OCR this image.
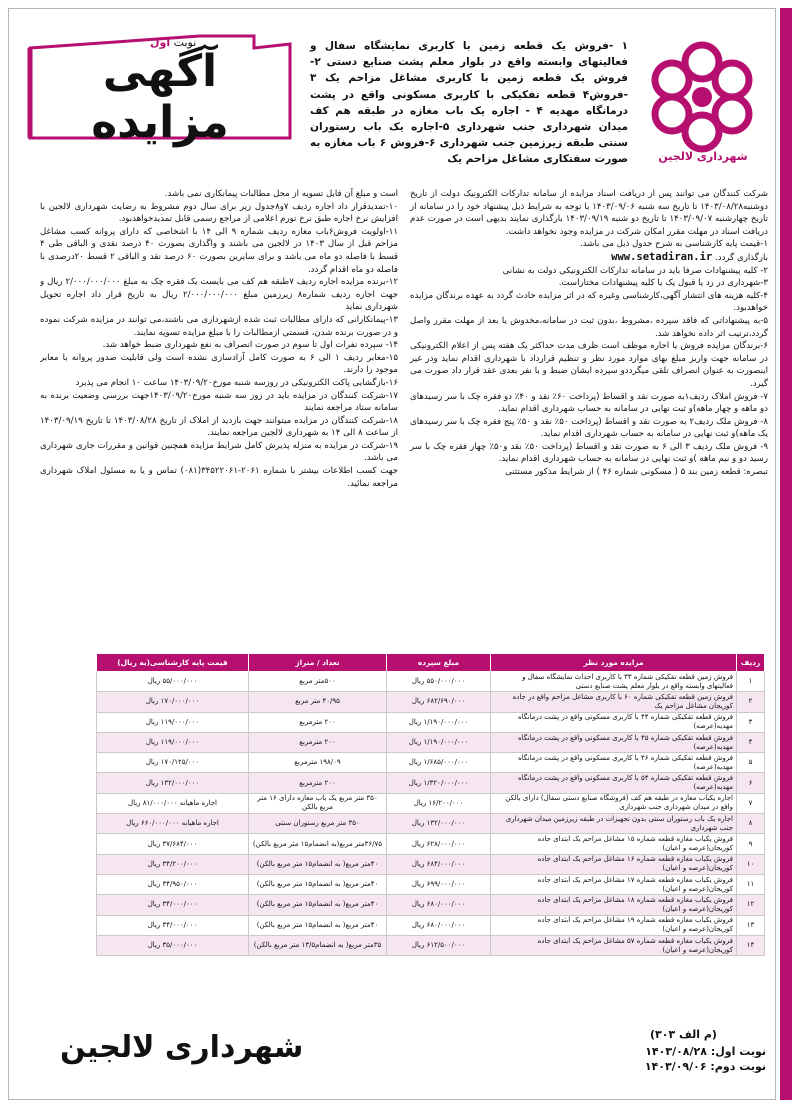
شهرداری لالجین
۱ -فروش یک قطعه زمین با کاربری نمایشگاه سفال و فعالیتهای وابسته واقع در بلوار معلم پشت صنایع دستی ۲- فروش یک قطعه زمین با کاربری مشاغل مزاحم یک ۳ -فروش۴ قطعه تفکیکی با کاربری مسکونی واقع در پشت درمانگاه مهدیه ۴ - اجاره یک باب مغازه در طبقه هم کف میدان شهرداری جنب شهرداری ۵-اجاره یک باب رستوران سنتی طبقه زیرزمین جنب شهرداری ۶-فروش ۶ باب مغازه به صورت سفتکاری مشاغل مزاحم یک
نوبت اول
آگهی مزایده

شرکت کنندگان می توانند پس از دریافت اسناد مزایده از سامانه تدارکات الکترونیک دولت از تاریخ دوشنبه۱۴۰۳/۰۸/۲۸ تا تاریخ سه شنبه ۱۴۰۳/۰۹/۰۶ با توجه به شرایط ذیل پیشنهاد خود را در سامانه از تاریخ چهارشنبه ۱۴۰۳/۰۹/۰۷ تا تاریخ دو شنبه ۱۴۰۳/۰۹/۱۹ بارگذاری نمایند بدیهی است در صورت عدم دریافت اسناد در مهلت مقرر امکان شرکت در مزایده وجود نخواهد داشت.

۱-قیمت پایه کارشناسی به شرح جدول ذیل می باشد.

بارگذاری گردد. www.setadiran.ir

۲- کلیه پیشنهادات صرفا باید در سامانه تدارکات الکترونیکی دولت به نشانی

۳-شهرداری در رد یا قبول یک یا کلیه پیشنهادات مختاراست.

۴-کلیه هزینه های انتشار آگهی،کارشناسی وغیره که در اثر مزایده حادث گردد به عهده برندگان مزایده خواهدبود.

۵-به پیشنهاداتی که فاقد سپرده ،مشروط ،بدون ثبت در سامانه،مخدوش یا بعد از مهلت مقرر واصل گردد،ترتیب اثر داده نخواهد شد.

۶-برندگان مزایده فروش یا اجاره موظف است ظرف مدت حداکثر یک هفته پس از اعلام الکترونیکی در سامانه جهت واریز مبلغ بهای موارد مورد نظر و تنظیم قرارداد با شهرداری اقدام نماید ودر غیر اینصورت به عنوان انصراف تلقی میگرددو سپرده ایشان ضبط و با نفر بعدی عقد قرار داد صورت می گیرد.

۷- فروش املاک ردیف۱به صورت نقد و اقساط (پرداخت ۶۰٪ نقد و ۴۰٪ دو فقره چک با سر رسیدهای دو ماهه و چهار ماهه)و ثبت نهایی در سامانه به حساب شهرداری اقدام نماید.

۸- فروش ملک ردیف۲ به صورت نقد و اقساط (پرداخت ۵۰٪ نقد و ۵۰٪ پنج فقره چک با سر رسیدهای یک ماهه)و ثبت نهایی در سامانه به حساب شهرداری اقدام نماید.

۹- فروش ملک ردیف ۳ الی ۶ به صورت نقد و اقساط (پرداخت ۵۰٪ نقد و۵۰٪ چهار فقره چک با سر رسید دو و نیم ماهه )و ثبت نهایی در سامانه به حساب شهرداری اقدام نماید.

تبصره: قطعه زمین بند ۵ ( مسکونی شماره ۴۶ ) از شرایط مذکور مستثنی

است و مبلغ آن قابل تسویه از محل مطالبات پیمانکاری نمی باشد.

۱۰-تمدیدقرار داد اجاره ردیف ۷و۸جدول زیر برای سال دوم مشروط به رضایت شهرداری لالجین با افزایش نرخ اجاره طبق نرخ تورم اعلامی از مراجع رسمی قابل تمدیدخواهدبود.

۱۱-اولویت فروش۶باب مغازه ردیف شماره ۹ الی ۱۴ با اشخاصی که دارای پروانه کسب مشاغل مزاحم قبل از سال ۱۴۰۳ در لالجین می باشند و واگذاری بصورت ۴۰ درصد نقدی و الباقی طی ۴ قسط با فاصله دو ماه می باشد و برای سایرین بصورت ۶۰ درصد نقد و الباقی ۲ قسط ۲۰درصدی با فاصله دو ماه اقدام گردد.

۱۲-برنده مزایده اجاره ردیف ۷طبقه هم کف می بایست یک فقره چک به مبلغ ۲/۰۰۰/۰۰۰/۰۰۰ ریال و جهت اجاره ردیف شماره۸ زیرزمین مبلغ ۲/۰۰۰/۰۰۰/۰۰۰ ریال به تاریخ قرار داد اجاره تحویل شهرداری نماید

۱۳-پیمانکارانی که دارای مطالبات ثبت شده ازشهرداری می باشند،می توانند در مزایده شرکت نموده و در صورت برنده شدن، قسمتی ازمطالبات را با مبلغ مزایده تسویه نمایند.

۱۴- سپرده نفرات اول تا سوم در صورت انصراف به نفع شهرداری ضبط خواهد شد.

۱۵-معابر ردیف ۱ الی ۶ به صورت کامل آزادسازی نشده است ولی قابلیت صدور پروانه با معابر موجود را دارند.

۱۶-بازگشایی پاکت الکترونیکی در روزسه شنبه مورخ۱۴۰۳/۰۹/۲۰ ساعت ۱۰ انجام می پذیرد

۱۷-شرکت کنندگان در مزایده باید در روز سه شنبه مورخ۱۴۰۳/۰۹/۲۰جهت بررسی وضعیت برنده به سامانه ستاد مراجعه نمایند

۱۸-شرکت کنندگان در مزایده میتوانند جهت بازدید از املاک از تاریخ ۱۴۰۳/۰۸/۲۸ تا تاریخ ۱۴۰۳/۰۹/۱۹ از ساعت ۸ الی ۱۴ به شهرداری لالجین مراجعه نمایند.

۱۹-شرکت در مزایده به منزله پذیرش کامل شرایط مزایده همچنین قوانین و مقررات جاری شهرداری می باشد.

جهت کسب اطلاعات بیشتر با شماره ۲۰۶۱-۳۴۵۲۲۰۶۱(۰۸۱) تماس و یا به مسئول املاک شهرداری مراجعه نمائید.

ردیف	مزایده مورد نظر	مبلغ سپرده	تعداد / متراژ	قیمت پایه کارشناسی(به ریال)
۱	فروش زمین قطعه تفکیکی شماره ۳۳ با کاربری احداث نمایشگاه سفال و فعالیتهای وابسته واقع در بلوار معلم پشت صنایع دستی	۵۵۰/۰۰۰/۰۰۰ ریال	۵۰۰متر مربع	۵۵/۰۰۰/۰۰۰ ریال
۲	فروش زمین قطعه تفکیکی شماره ۶۰ با کاربری مشاغل مزاحم واقع در جاده کوریجان مشاغل مزاحم یک	۶۸۲/۶۹۰/۰۰۰ ریال	۴۰/۹۵ متر مربع	۱۷۰/۰۰۰/۰۰۰ ریال
۳	فروش قطعه تفکیکی شماره ۴۴ با کاربری مسکونی واقع در پشت درمانگاه مهدیه(عرصه)	۱/۱۹۰/۰۰۰/۰۰۰ ریال	۲۰۰ مترمربع	۱۱۹/۰۰۰/۰۰۰ ریال
۴	فروش قطعه تفکیکی شماره ۴۵ با کاربری مسکونی واقع در پشت درمانگاه مهدیه(عرصه)	۱/۱۹۰/۰۰۰/۰۰۰ ریال	۲۰۰ مترمربع	۱۱۹/۰۰۰/۰۰۰ ریال
۵	فروش قطعه تفکیکی شماره ۴۶ با کاربری مسکونی واقع در پشت درمانگاه مهدیه(عرصه)	۱/۶۸۵/۰۰۰/۰۰۰ ریال	۱۹۸/۰۹ مترمربع	۱۷۰/۱۲۵/۰۰۰ ریال
۶	فروش قطعه تفکیکی شماره ۵۴ با کاربری مسکونی واقع در پشت درمانگاه مهدیه(عرصه)	۱/۳۲۰/۰۰۰/۰۰۰ ریال	۲۰۰ مترمربع	۱۳۲/۰۰۰/۰۰۰ ریال
۷	اجاره یکباب مغازه در طبقه هم کف (فروشگاه صنایع دستی سفال) دارای بالکن واقع در میدان شهرداری جنب شهرداری	۱۶/۲۰۰/۰۰۰ ریال	۳۵۰ متر مربع یک باب مغازه دارای ۱۶ متر مربع بالکن	اجاره ماهیانه ۸۱/۰۰۰/۰۰۰ ریال
۸	اجاره یک باب رستوران سنتی بدون تجهیزات در طبقه زیرزمین میدان شهرداری جنب شهرداری	۱۳۲/۰۰۰/۰۰۰ ریال	۳۵۰ متر مربع رستوران سنتی	اجاره ماهیانه ۶۶۰/۰۰۰/۰۰۰ ریال
۹	فروش یکباب مغازه قطعه شماره ۱۵ مشاغل مزاحم یک ابتدای جاده کوریجان(عرصه و اعیان)	۶۲۸/۰۰۰/۰۰۰ ریال	۳۶/۷۵متر مربع(به انضمام۱۵ متر مربع بالکن)	۳۷/۶۸۴/۰۰۰ ریال
۱۰	فروش یکباب مغازه قطعه شماره ۱۶ مشاغل مزاحم یک ابتدای جاده کوریجان(عرصه و اعیان)	۶۸۴/۰۰۰/۰۰۰ ریال	۴۰متر مربع( به انضمام۱۵ متر مربع بالکن)	۳۴/۲۰۰/۰۰۰ ریال
۱۱	فروش یکباب مغازه قطعه شماره ۱۷ مشاغل مزاحم یک ابتدای جاده کوریجان(عرصه و اعیان)	۶۹۹/۰۰۰/۰۰۰ ریال	۴۰متر مربع( به انضمام۱۵ متر مربع بالکن)	۳۴/۹۵۰/۰۰۰ ریال
۱۲	فروش یکباب مغازه قطعه شماره ۱۸ مشاغل مزاحم یک ابتدای جاده کوریجان(عرصه و اعیان)	۶۸۰/۰۰۰/۰۰۰ ریال	۴۰متر مربع( به انضمام۱۵ متر مربع بالکن)	۳۴/۰۰۰/۰۰۰ ریال
۱۳	فروش یکباب مغازه قطعه شماره ۱۹ مشاغل مزاحم یک ابتدای جاده کوریجان(عرصه و اعیان)	۶۸۰/۰۰۰/۰۰۰ ریال	۴۰متر مربع( به انضمام۱۵ متر مربع بالکن)	۳۴/۰۰۰/۰۰۰ ریال
۱۴	فروش یکباب مغازه قطعه شماره ۵۷ مشاغل مزاحم یک ابتدای جاده کوریجان(عرصه و اعیان)	۶۱۲/۵۰۰/۰۰۰ ریال	۳۵متر مربع( به انضمام۱۳/۵ متر مربع بالکن)	۳۵/۰۰۰/۰۰۰ ریال
(م الف ۳۰۳)
نوبت اول: ۱۴۰۳/۰۸/۲۸
نوبت دوم: ۱۴۰۳/۰۹/۰۶
شهرداری لالجین
